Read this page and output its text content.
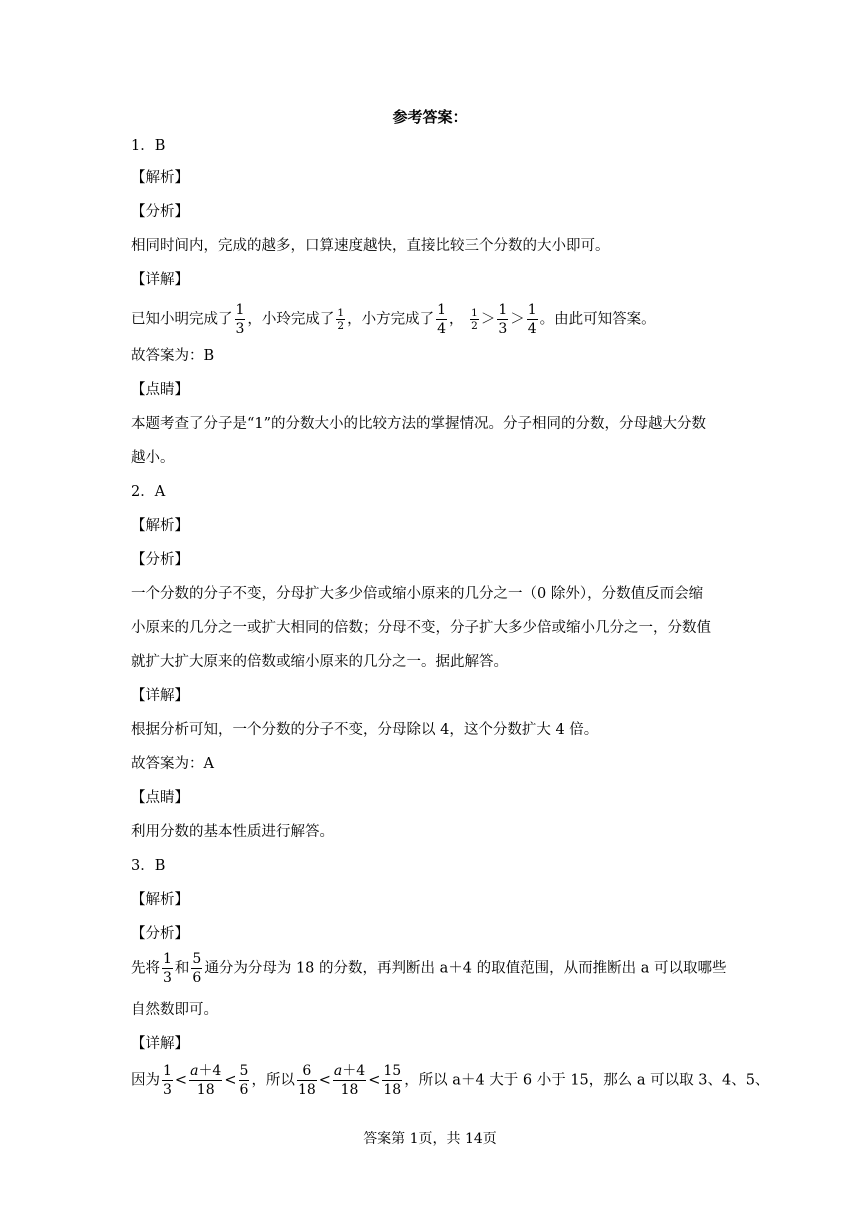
参考答案：
1．B
【解析】
【分析】
相同时间内，完成的越多，口算速度越快，直接比较三个分数的大小即可。
【详解】
已知小明完成了 $\frac{1}{3}$ ，小玲完成了 $\frac{1}{2}$ ，小方完成了 $\frac{1}{4}$ ， $\frac{1}{2} > \frac{1}{3} > \frac{1}{4}$ 。由此可知答案。
故答案为：B
【点睛】
本题考查了分子是“1”的分数大小的比较方法的掌握情况。分子相同的分数，分母越大分数
越小。
2．A
【解析】
【分析】
一个分数的分子不变，分母扩大多少倍或缩小原来的几分之一（0 除外），分数值反而会缩
小原来的几分之一或扩大相同的倍数；分母不变，分子扩大多少倍或缩小几分之一，分数值
就扩大扩大原来的倍数或缩小原来的几分之一。据此解答。
【详解】
根据分析可知，一个分数的分子不变，分母除以 4，这个分数扩大 4 倍。
故答案为：A
【点睛】
利用分数的基本性质进行解答。
3．B
【解析】
【分析】
先将 $\frac{1}{3}$ 和 $\frac{5}{6}$ 通分为分母为 18 的分数，再判断出 a＋4 的取值范围，从而推断出 a 可以取哪些
自然数即可。
【详解】
因为 $\frac{1}{3} < \frac{a+4}{18} < \frac{5}{6}$ ，所以 $\frac{6}{18} < \frac{a+4}{18} < \frac{15}{18}$ ，所以 a＋4 大于 6 小于 15，那么 a 可以取 3、4、5、
答案第 1页，共 14页
